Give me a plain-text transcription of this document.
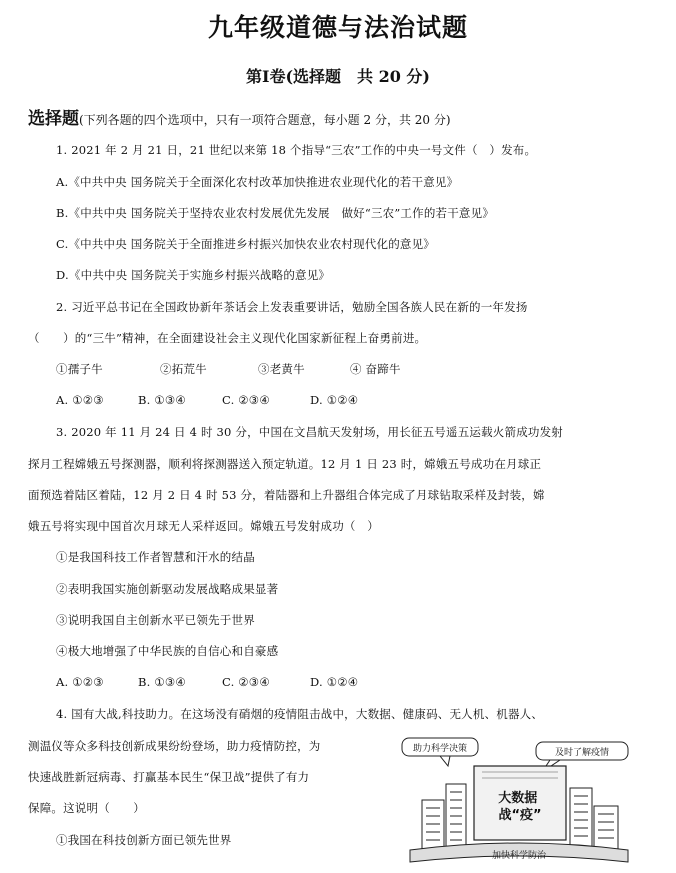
九年级道德与法治试题
第Ⅰ卷(选择题　共 20 分)
选择题(下列各题的四个选项中，只有一项符合题意，每小题 2 分，共 20 分)
1. 2021 年 2 月 21 日，21 世纪以来第 18 个指导“三农”工作的中央一号文件（　）发布。
A.《中共中央 国务院关于全面深化农村改革加快推进农业现代化的若干意见》
B.《中共中央 国务院关于坚持农业农村发展优先发展　做好“三农”工作的若干意见》
C.《中共中央 国务院关于全面推进乡村振兴加快农业农村现代化的意见》
D.《中共中央 国务院关于实施乡村振兴战略的意见》
2. 习近平总书记在全国政协新年茶话会上发表重要讲话，勉励全国各族人民在新的一年发扬
（　　）的“三牛”精神，在全面建设社会主义现代化国家新征程上奋勇前进。
①孺子牛	②拓荒牛	③老黄牛	④ 奋蹄牛
A. ①②③	B. ①③④	C. ②③④	D. ①②④
3. 2020 年 11 月 24 日 4 时 30 分，中国在文昌航天发射场，用长征五号遥五运载火箭成功发射
探月工程嫦娥五号探测器，顺利将探测器送入预定轨道。12 月 1 日 23 时，嫦娥五号成功在月球正
面预选着陆区着陆，12 月 2 日 4 时 53 分，着陆器和上升器组合体完成了月球钻取采样及封装，嫦
娥五号将实现中国首次月球无人采样返回。嫦娥五号发射成功（　）
①是我国科技工作者智慧和汗水的结晶
②表明我国实施创新驱动发展战略成果显著
③说明我国自主创新水平已领先于世界
④极大地增强了中华民族的自信心和自豪感
A. ①②③	B. ①③④	C. ②③④	D. ①②④
4. 国有大战,科技助力。在这场没有硝烟的疫情阻击战中，大数据、健康码、无人机、机器人、
测温仪等众多科技创新成果纷纷登场，助力疫情防控，为
快速战胜新冠病毒、打赢基本民生“保卫战”提供了有力
保障。这说明（　　）
①我国在科技创新方面已领先世界
助力科学决策	及时了解疫情
大数据 战“疫”
加快科学防治
